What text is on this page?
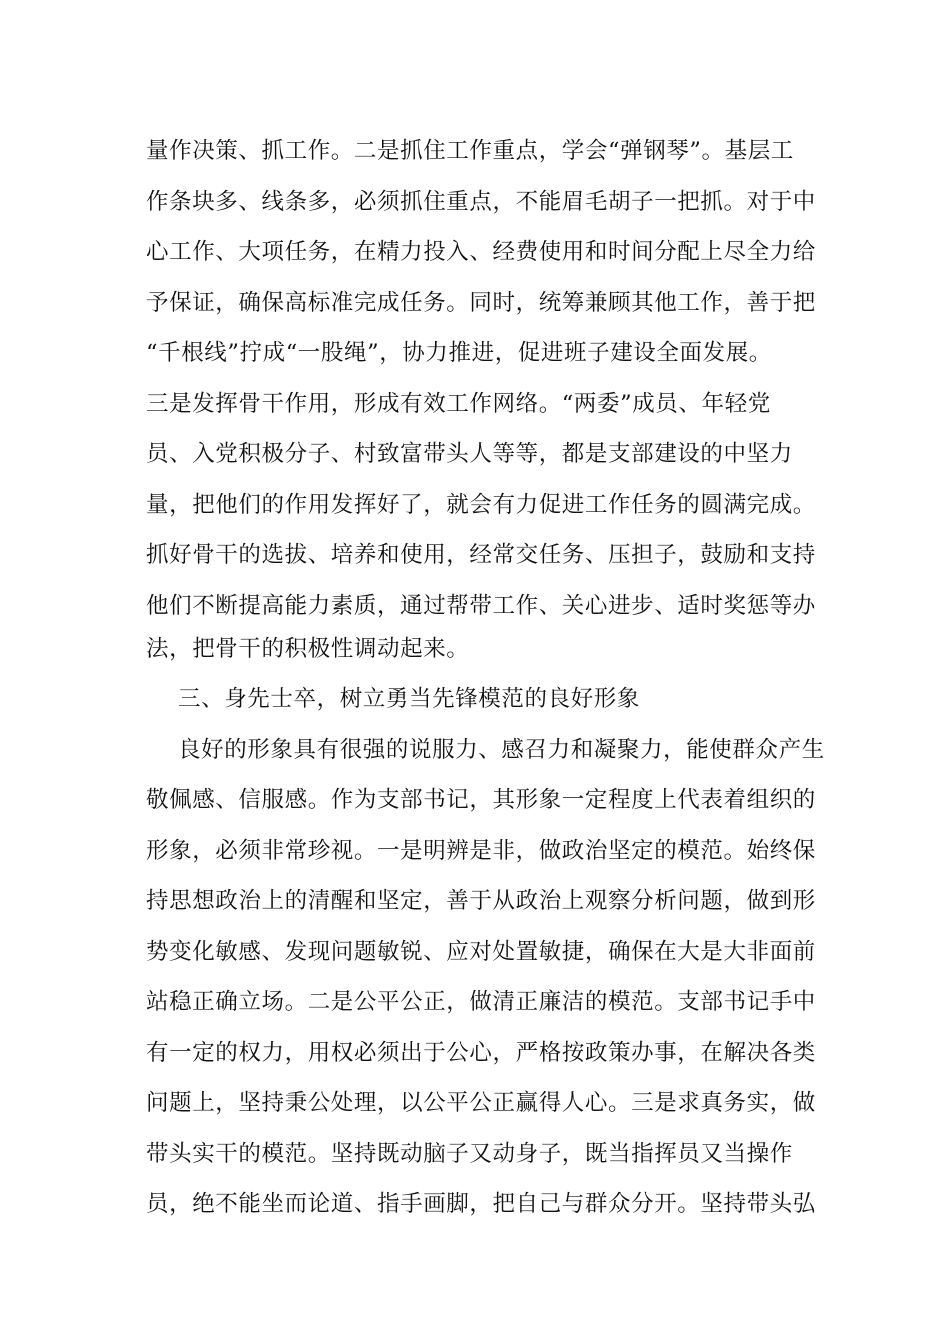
量作决策、抓工作。二是抓住工作重点，学会“弹钢琴”。基层工
作条块多、线条多，必须抓住重点，不能眉毛胡子一把抓。对于中
心工作、大项任务，在精力投入、经费使用和时间分配上尽全力给
予保证，确保高标准完成任务。同时，统筹兼顾其他工作，善于把
“千根线”拧成“一股绳”，协力推进，促进班子建设全面发展。
三是发挥骨干作用，形成有效工作网络。“两委”成员、年轻党
员、入党积极分子、村致富带头人等等，都是支部建设的中坚力
量，把他们的作用发挥好了，就会有力促进工作任务的圆满完成。
抓好骨干的选拔、培养和使用，经常交任务、压担子，鼓励和支持
他们不断提高能力素质，通过帮带工作、关心进步、适时奖惩等办
法，把骨干的积极性调动起来。
三、身先士卒，树立勇当先锋模范的良好形象
良好的形象具有很强的说服力、感召力和凝聚力，能使群众产生
敬佩感、信服感。作为支部书记，其形象一定程度上代表着组织的
形象，必须非常珍视。一是明辨是非，做政治坚定的模范。始终保
持思想政治上的清醒和坚定，善于从政治上观察分析问题，做到形
势变化敏感、发现问题敏锐、应对处置敏捷，确保在大是大非面前
站稳正确立场。二是公平公正，做清正廉洁的模范。支部书记手中
有一定的权力，用权必须出于公心，严格按政策办事，在解决各类
问题上，坚持秉公处理，以公平公正赢得人心。三是求真务实，做
带头实干的模范。坚持既动脑子又动身子，既当指挥员又当操作
员，绝不能坐而论道、指手画脚，把自己与群众分开。坚持带头弘
